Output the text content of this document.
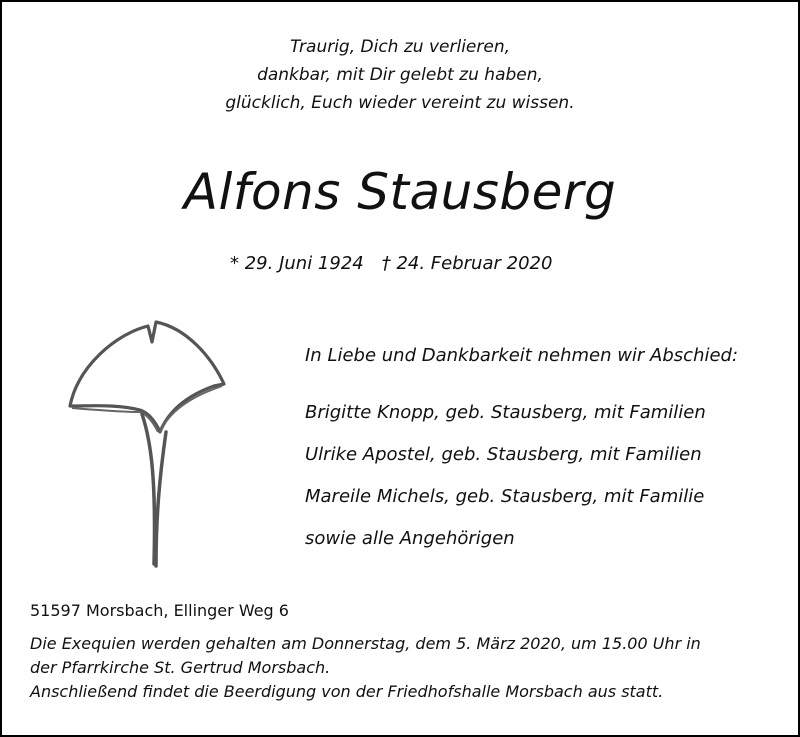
Traurig, Dich zu verlieren,
dankbar, mit Dir gelebt zu haben,
glücklich, Euch wieder vereint zu wissen.
Alfons Stausberg
* 29. Juni 1924 † 24. Februar 2020
In Liebe und Dankbarkeit nehmen wir Abschied:
Brigitte Knopp, geb. Stausberg, mit Familien
Ulrike Apostel, geb. Stausberg, mit Familien
Mareile Michels, geb. Stausberg, mit Familie
sowie alle Angehörigen
51597 Morsbach, Ellinger Weg 6
Die Exequien werden gehalten am Donnerstag, dem 5. März 2020, um 15.00 Uhr in
der Pfarrkirche St. Gertrud Morsbach.
Anschließend findet die Beerdigung von der Friedhofshalle Morsbach aus statt.
